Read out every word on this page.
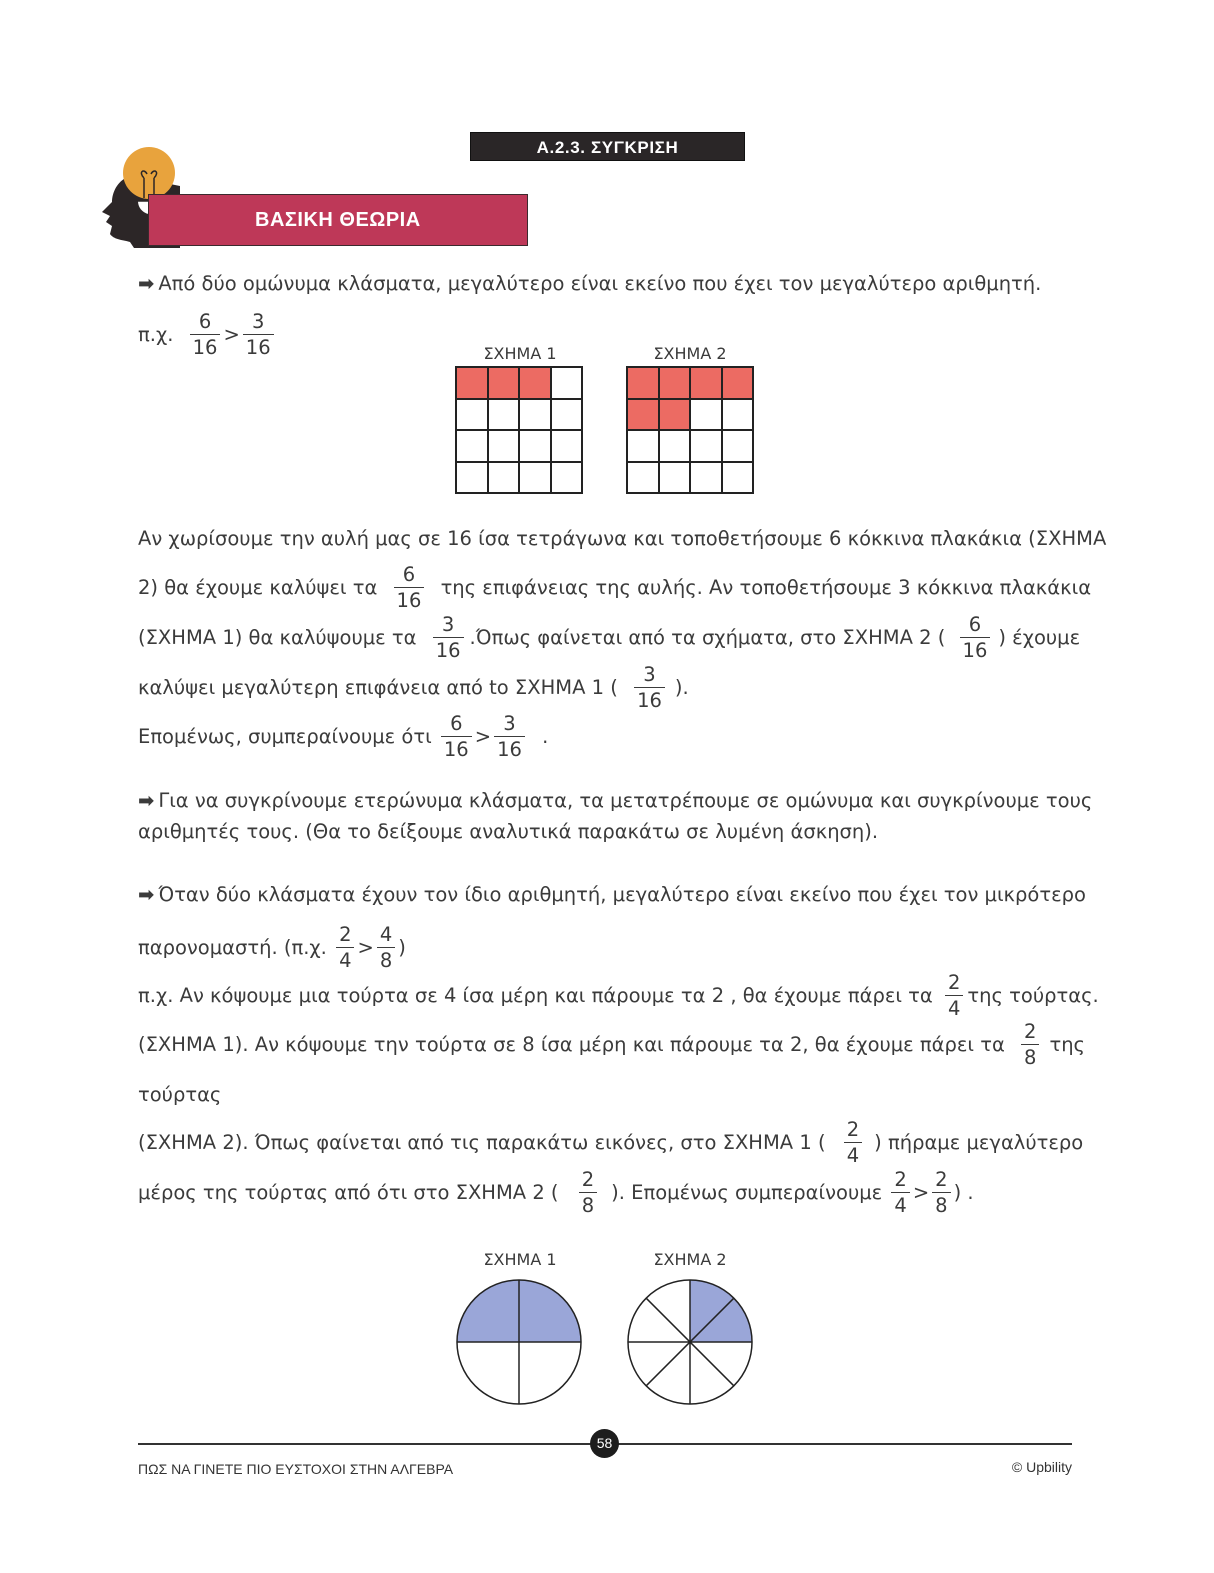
Α.2.3. ΣΥΓΚΡΙΣΗ ΚΛΑΣΜΑΤΩΝ
ΒΑΣΙΚΗ ΘΕΩΡΙΑ
➡ Από δύο ομώνυμα κλάσματα, μεγαλύτερο είναι εκείνο που έχει τον μεγαλύτερο αριθμητή.
π.χ. $\frac{6}{16} > \frac{3}{16}$	ΣΧΗΜΑ 1	ΣΧΗΜΑ 2
Αν χωρίσουμε την αυλή μας σε 16 ίσα τετράγωνα και τοποθετήσουμε 6 κόκκινα πλακάκια (ΣΧΗΜΑ
2) θα έχουμε καλύψει τα $\frac{6}{16}$ της επιφάνειας της αυλής. Αν τοποθετήσουμε 3 κόκκινα πλακάκια
(ΣΧΗΜΑ 1) θα καλύψουμε τα $\frac{3}{16} .Ό\pi\omega\varsigma$ φαίνεται από τα σχήματα, στο ΣΧΗΜΑ 2 ( $\frac{6}{16}$ ) έχουμε
καλύψει μεγαλύτερη επιφάνεια από to ΣΧΗΜΑ 1 ( $\frac{3}{16}$ ).
Επομένως, συμπεραίνουμε ότι $\frac{6}{16} > \frac{3}{16}$ .
➡ Για να συγκρίνουμε ετερώνυμα κλάσματα, τα μετατρέπουμε σε ομώνυμα και συγκρίνουμε τους
αριθμητές τους. (Θα το δείξουμε αναλυτικά παρακάτω σε λυμένη άσκηση).
➡ Όταν δύο κλάσματα έχουν τον ίδιο αριθμητή, μεγαλύτερο είναι εκείνο που έχει τον μικρότερο
παρονομαστή. (π.χ. $\frac{2}{4} > \frac{4}{8}$ )
π.χ. Αν κόψουμε μια τούρτα σε 4 ίσα μέρη και πάρουμε τα 2 , θα έχουμε πάρει τα $\frac{2}{4}$ της τούρτας.
(ΣΧΗΜΑ 1). Αν κόψουμε την τούρτα σε 8 ίσα μέρη και πάρουμε τα 2, θα έχουμε πάρει τα $\frac{2}{8}$ της
τούρτας
(ΣΧΗΜΑ 2). Όπως φαίνεται από τις παρακάτω εικόνες, στο ΣΧΗΜΑ 1 ( $\frac{2}{4}$ ) πήραμε μεγαλύτερο
μέρος της τούρτας από ότι στο ΣΧΗΜΑ 2 ( $\frac{2}{8}$ ). Επομένως συμπεραίνουμε $\frac{2}{4} > \frac{2}{8}$ ) .
ΣΧΗΜΑ 1	ΣΧΗΜΑ 2
58
ΠΩΣ ΝΑ ΓΙΝΕΤΕ ΠΙΟ ΕΥΣΤΟΧΟΙ ΣΤΗΝ ΑΛΓΕΒΡΑ	© Upbility
